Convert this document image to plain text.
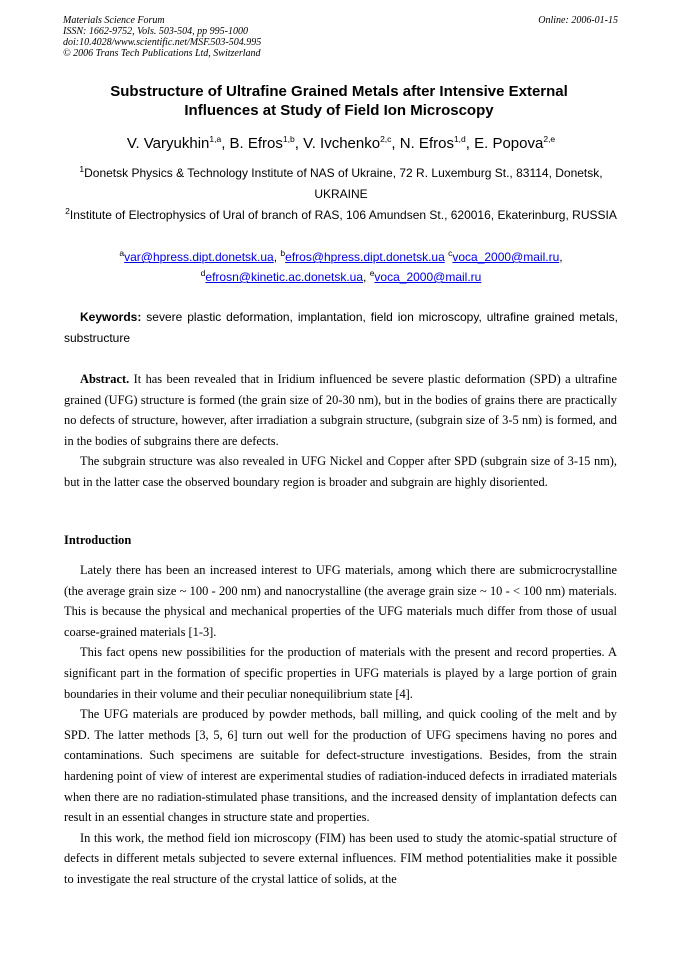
Materials Science Forum
ISSN: 1662-9752, Vols. 503-504, pp 995-1000
doi:10.4028/www.scientific.net/MSF.503-504.995
© 2006 Trans Tech Publications Ltd, Switzerland
Online: 2006-01-15
Substructure of Ultrafine Grained Metals after Intensive External Influences at Study of Field Ion Microscopy
V. Varyukhin$^{1,a}$, B. Efros$^{1,b}$, V. Ivchenko$^{2,c}$, N. Efros$^{1,d}$, E. Popova$^{2,e}$
$^1$Donetsk Physics & Technology Institute of NAS of Ukraine, 72 R. Luxemburg St., 83114, Donetsk, UKRAINE
$^2$Institute of Electrophysics of Ural of branch of RAS, 106 Amundsen St., 620016, Ekaterinburg, RUSSIA
$^a$var@hpress.dipt.donetsk.ua, $^b$efros@hpress.dipt.donetsk.ua $^c$voca_2000@mail.ru,
$^d$efrosn@kinetic.ac.donetsk.ua, $^e$voca_2000@mail.ru
Keywords: severe plastic deformation, implantation, field ion microscopy, ultrafine grained metals, substructure

Abstract. It has been revealed that in Iridium influenced be severe plastic deformation (SPD) a ultrafine grained (UFG) structure is formed (the grain size of 20-30 nm), but in the bodies of grains there are practically no defects of structure, however, after irradiation a subgrain structure, (subgrain size of 3-5 nm) is formed, and in the bodies of subgrains there are defects.

The subgrain structure was also revealed in UFG Nickel and Copper after SPD (subgrain size of 3-15 nm), but in the latter case the observed boundary region is broader and subgrain are highly disoriented.

Introduction

Lately there has been an increased interest to UFG materials, among which there are submicrocrystalline (the average grain size ~ 100 - 200 nm) and nanocrystalline (the average grain size ~ 10 - < 100 nm) materials. This is because the physical and mechanical properties of the UFG materials much differ from those of usual coarse-grained materials [1-3].

This fact opens new possibilities for the production of materials with the present and record properties. A significant part in the formation of specific properties in UFG materials is played by a large portion of grain boundaries in their volume and their peculiar nonequilibrium state [4].

The UFG materials are produced by powder methods, ball milling, and quick cooling of the melt and by SPD. The latter methods [3, 5, 6] turn out well for the production of UFG specimens having no pores and contaminations. Such specimens are suitable for defect-structure investigations. Besides, from the strain hardening point of view of interest are experimental studies of radiation-induced defects in irradiated materials when there are no radiation-stimulated phase transitions, and the increased density of implantation defects can result in an essential changes in structure state and properties.

In this work, the method field ion microscopy (FIM) has been used to study the atomic-spatial structure of defects in different metals subjected to severe external influences. FIM method potentialities make it possible to investigate the real structure of the crystal lattice of solids, at the
